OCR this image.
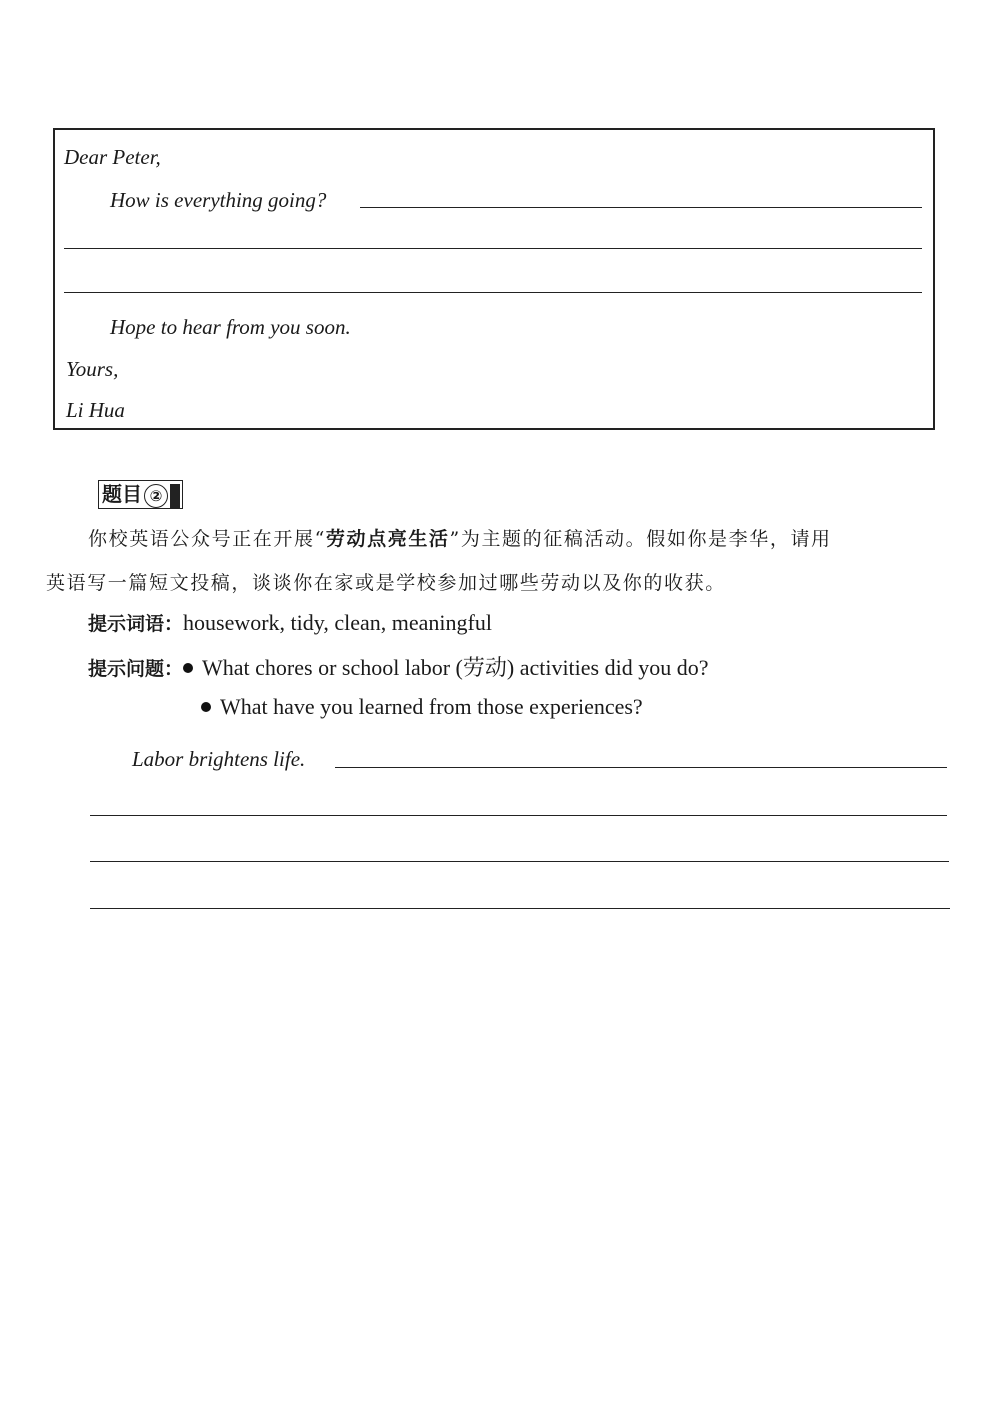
Dear Peter,
How is everything going?
Hope to hear from you soon.
Yours,
Li Hua
题目 ②
你校英语公众号正在开展“劳动点亮生活”为主题的征稿活动。假如你是李华，请用
英语写一篇短文投稿，谈谈你在家或是学校参加过哪些劳动以及你的收获。
提示词语：housework, tidy, clean, meaningful
提示问题： What chores or school labor (劳动) activities did you do?
What have you learned from those experiences?
Labor brightens life.
